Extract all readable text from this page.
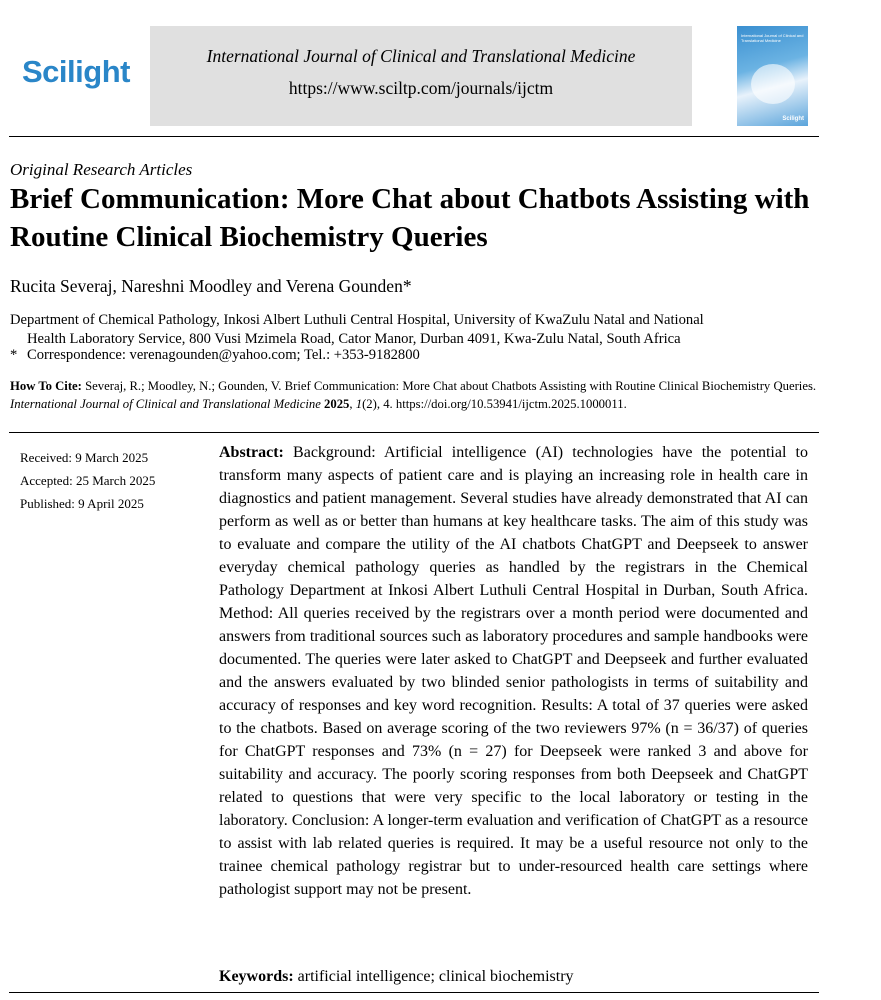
Scilight	International Journal of Clinical and Translational Medicine
https://www.sciltp.com/journals/ijctm
International Journal of Clinical and Translational Medicine
Scilight
Original Research Articles
Brief Communication: More Chat about Chatbots Assisting with Routine Clinical Biochemistry Queries
Rucita Severaj, Nareshni Moodley and Verena Gounden*
Department of Chemical Pathology, Inkosi Albert Luthuli Central Hospital, University of KwaZulu Natal and National
Health Laboratory Service, 800 Vusi Mzimela Road, Cator Manor, Durban 4091, Kwa-Zulu Natal, South Africa
* Correspondence: verenagounden@yahoo.com; Tel.: +353-9182800
How To Cite: Severaj, R.; Moodley, N.; Gounden, V. Brief Communication: More Chat about Chatbots Assisting with Routine Clinical Biochemistry Queries. International Journal of Clinical and Translational Medicine 2025, 1(2), 4. https://doi.org/10.53941/ijctm.2025.1000011.
Received: 9 March 2025
Accepted: 25 March 2025
Published: 9 April 2025
Abstract: Background: Artificial intelligence (AI) technologies have the potential to transform many aspects of patient care and is playing an increasing role in health care in diagnostics and patient management. Several studies have already demonstrated that AI can perform as well as or better than humans at key healthcare tasks. The aim of this study was to evaluate and compare the utility of the AI chatbots ChatGPT and Deepseek to answer everyday chemical pathology queries as handled by the registrars in the Chemical Pathology Department at Inkosi Albert Luthuli Central Hospital in Durban, South Africa. Method: All queries received by the registrars over a month period were documented and answers from traditional sources such as laboratory procedures and sample handbooks were documented. The queries were later asked to ChatGPT and Deepseek and further evaluated and the answers evaluated by two blinded senior pathologists in terms of suitability and accuracy of responses and key word recognition. Results: A total of 37 queries were asked to the chatbots. Based on average scoring of the two reviewers 97% (n = 36/37) of queries for ChatGPT responses and 73% (n = 27) for Deepseek were ranked 3 and above for suitability and accuracy. The poorly scoring responses from both Deepseek and ChatGPT related to questions that were very specific to the local laboratory or testing in the laboratory. Conclusion: A longer-term evaluation and verification of ChatGPT as a resource to assist with lab related queries is required. It may be a useful resource not only to the trainee chemical pathology registrar but to under-resourced health care settings where pathologist support may not be present.
Keywords: artificial intelligence; clinical biochemistry
